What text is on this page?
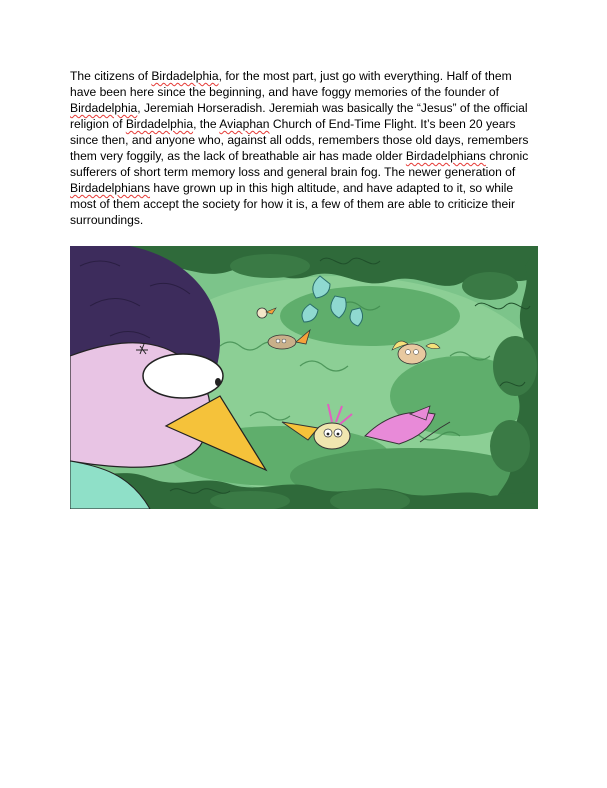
The citizens of Birdadelphia, for the most part, just go with everything. Half of them have been here since the beginning, and have foggy memories of the founder of Birdadelphia, Jeremiah Horseradish. Jeremiah was basically the “Jesus” of the official religion of Birdadelphia, the Aviaphan Church of End-Time Flight. It’s been 20 years since then, and anyone who, against all odds, remembers those old days, remembers them very foggily, as the lack of breathable air has made older Birdadelphians chronic sufferers of short term memory loss and general brain fog. The newer generation of Birdadelphians have grown up in this high altitude, and have adapted to it, so while most of them accept the society for how it is, a few of them are able to criticize their surroundings.
